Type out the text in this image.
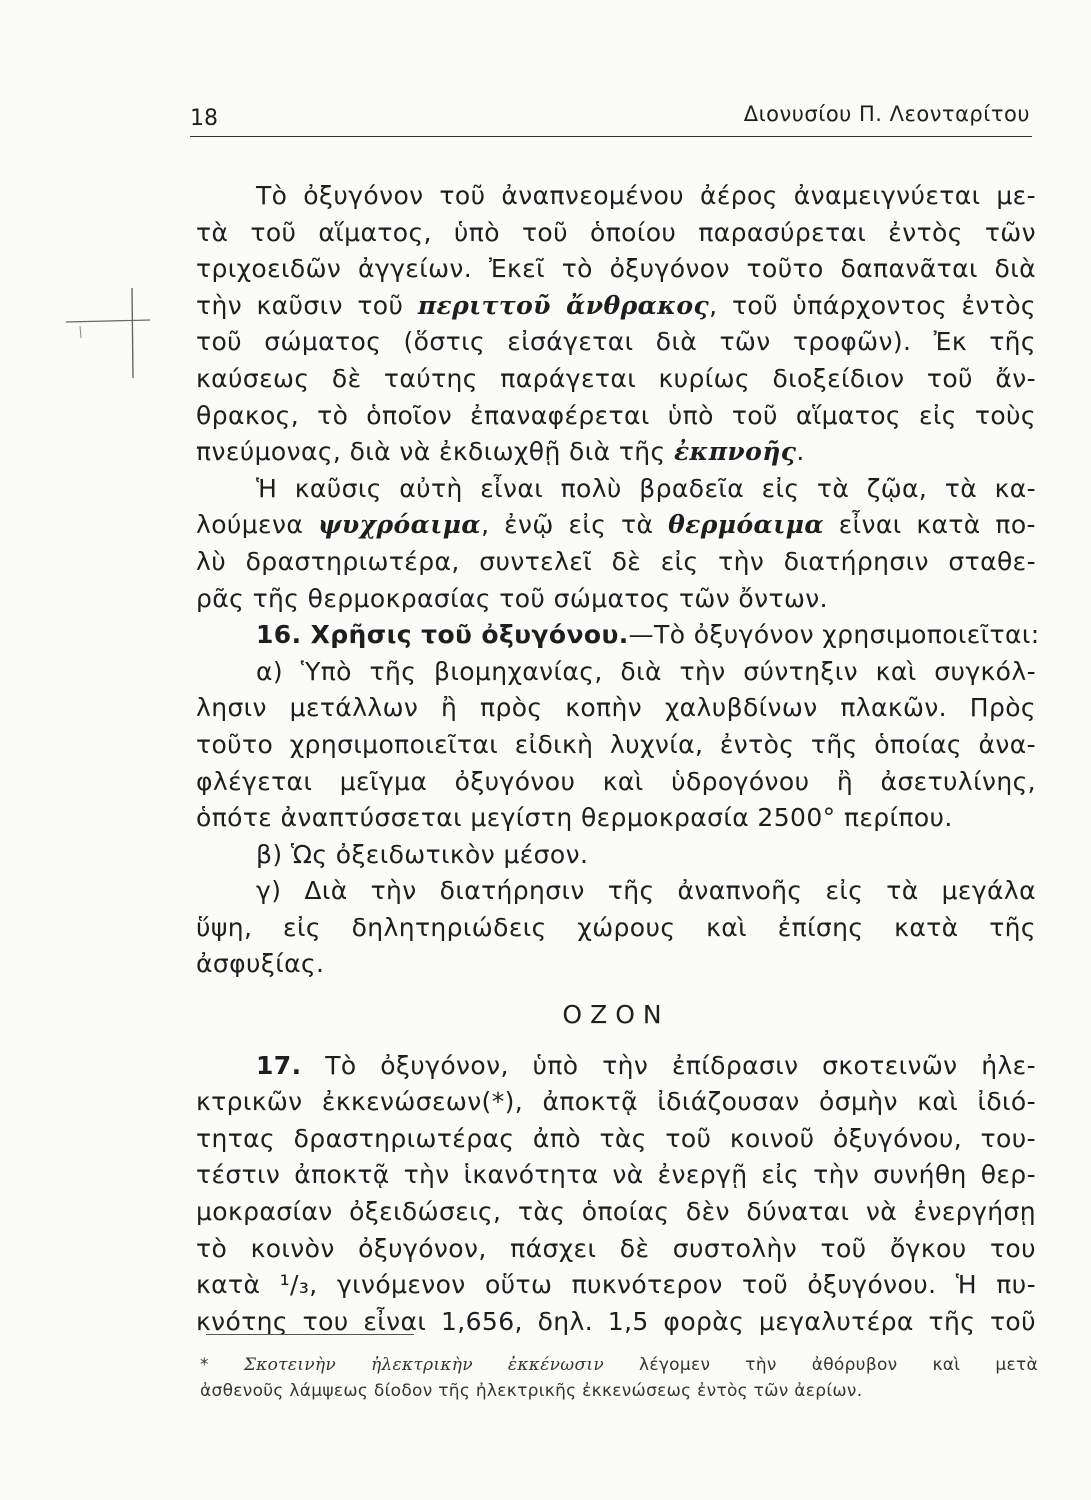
18	Διονυσίου Π. Λεονταρίτου
Τὸ ὀξυγόνον τοῦ ἀναπνεομένου ἀέρος ἀναμειγνύεται με-
τὰ τοῦ αἵματος, ὑπὸ τοῦ ὁποίου παρασύρεται ἐντὸς τῶν
τριχοειδῶν ἀγγείων. Ἐκεῖ τὸ ὀξυγόνον τοῦτο δαπανᾶται διὰ
τὴν καῦσιν τοῦ περιττοῦ ἄνθρακος, τοῦ ὑπάρχοντος ἐντὸς
τοῦ σώματος (ὅστις εἰσάγεται διὰ τῶν τροφῶν). Ἐκ τῆς
καύσεως δὲ ταύτης παράγεται κυρίως διοξείδιον τοῦ ἄν-
θρακος, τὸ ὁποῖον ἐπαναφέρεται ὑπὸ τοῦ αἵματος εἰς τοὺς
πνεύμονας, διὰ νὰ ἐκδιωχθῇ διὰ τῆς ἐκπνοῆς.
Ἡ καῦσις αὐτὴ εἶναι πολὺ βραδεῖα εἰς τὰ ζῷα, τὰ κα-
λούμενα ψυχρόαιμα, ἐνῷ εἰς τὰ θερμόαιμα εἶναι κατὰ πο-
λὺ δραστηριωτέρα, συντελεῖ δὲ εἰς τὴν διατήρησιν σταθε-
ρᾶς τῆς θερμοκρασίας τοῦ σώματος τῶν ὄντων.
16. Χρῆσις τοῦ ὀξυγόνου.—Τὸ ὀξυγόνον χρησιμοποιεῖται:
α) Ὑπὸ τῆς βιομηχανίας, διὰ τὴν σύντηξιν καὶ συγκόλ-
λησιν μετάλλων ἢ πρὸς κοπὴν χαλυβδίνων πλακῶν. Πρὸς
τοῦτο χρησιμοποιεῖται εἰδικὴ λυχνία, ἐντὸς τῆς ὁποίας ἀνα-
φλέγεται μεῖγμα ὀξυγόνου καὶ ὑδρογόνου ἢ ἀσετυλίνης,
ὁπότε ἀναπτύσσεται μεγίστη θερμοκρασία 2500° περίπου.
β) Ὡς ὀξειδωτικὸν μέσον.
γ) Διὰ τὴν διατήρησιν τῆς ἀναπνοῆς εἰς τὰ μεγάλα
ὕψη, εἰς δηλητηριώδεις χώρους καὶ ἐπίσης κατὰ τῆς
ἀσφυξίας.
ΟΖΟΝ
17. Τὸ ὀξυγόνον, ὑπὸ τὴν ἐπίδρασιν σκοτεινῶν ἠλε-
κτρικῶν ἐκκενώσεων(*), ἀποκτᾷ ἰδιάζουσαν ὀσμὴν καὶ ἰδιό-
τητας δραστηριωτέρας ἀπὸ τὰς τοῦ κοινοῦ ὀξυγόνου, του-
τέστιν ἀποκτᾷ τὴν ἱκανότητα νὰ ἐνεργῇ εἰς τὴν συνήθη θερ-
μοκρασίαν ὀξειδώσεις, τὰς ὁποίας δὲν δύναται νὰ ἐνεργήσῃ
τὸ κοινὸν ὀξυγόνον, πάσχει δὲ συστολὴν τοῦ ὄγκου του
κατὰ ¹/₃, γινόμενον οὕτω πυκνότερον τοῦ ὀξυγόνου. Ἡ πυ-
κνότης του εἶναι 1,656, δηλ. 1,5 φορὰς μεγαλυτέρα τῆς τοῦ
* Σκοτεινὴν ἠλεκτρικὴν ἐκκένωσιν λέγομεν τὴν ἀθόρυβον καὶ μετὰ
ἀσθενοῦς λάμψεως δίοδον τῆς ἠλεκτρικῆς ἐκκενώσεως ἐντὸς τῶν ἀερίων.
